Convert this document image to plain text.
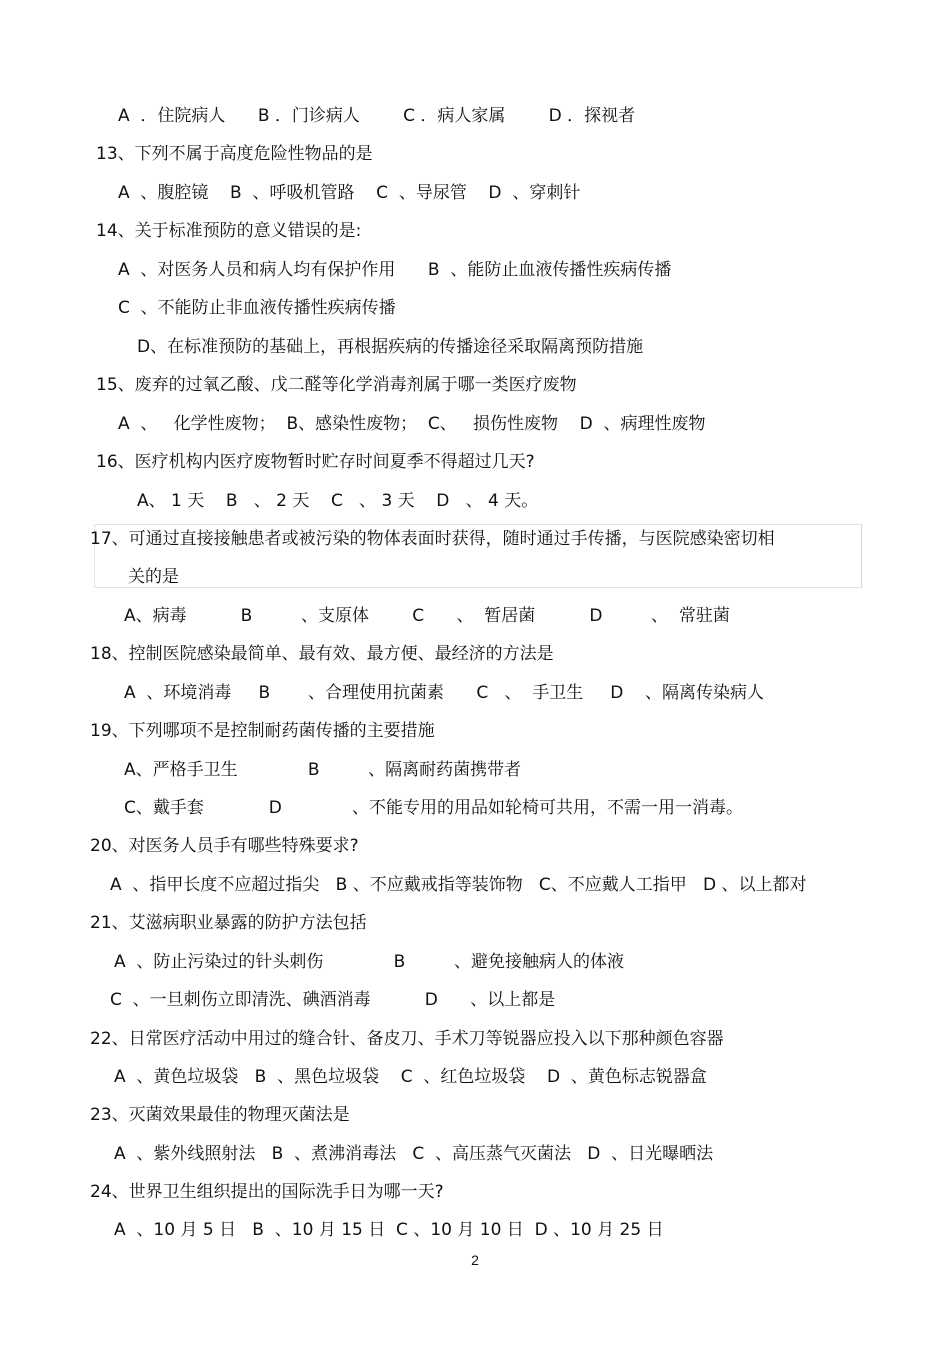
A  ．住院病人      B ．门诊病人        C ．病人家属        D ．探视者
13、下列不属于高度危险性物品的是
A  、腹腔镜    B  、呼吸机管路    C  、导尿管    D  、穿刺针
14、关于标准预防的意义错误的是:
A  、对医务人员和病人均有保护作用      B  、能防止血液传播性疾病传播
C  、不能防止非血液传播性疾病传播
D、在标准预防的基础上，再根据疾病的传播途径采取隔离预防措施
15、废弃的过氧乙酸、戊二醛等化学消毒剂属于哪一类医疗废物
A  、   化学性废物；  B、感染性废物；  C、   损伤性废物    D  、病理性废物
16、医疗机构内医疗废物暂时贮存时间夏季不得超过几天?
A、 1 天    B   、 2 天    C   、 3 天    D   、 4 天。
17、可通过直接接触患者或被污染的物体表面时获得，随时通过手传播，与医院感染密切相
关的是
A、病毒          B         、支原体        C      、  暂居菌          D         、  常驻菌
18、控制医院感染最简单、最有效、最方便、最经济的方法是
A  、环境消毒     B       、合理使用抗菌素      C   、  手卫生     D    、隔离传染病人
19、下列哪项不是控制耐药菌传播的主要措施
A、严格手卫生             B         、隔离耐药菌携带者
C、戴手套            D             、不能专用的用品如轮椅可共用，不需一用一消毒。
20、对医务人员手有哪些特殊要求?
A  、指甲长度不应超过指尖   B 、不应戴戒指等装饰物   C、不应戴人工指甲   D 、以上都对
21、艾滋病职业暴露的防护方法包括
A  、防止污染过的针头刺伤             B         、避免接触病人的体液
C  、一旦刺伤立即清洗、碘酒消毒          D      、以上都是
22、日常医疗活动中用过的缝合针、备皮刀、手术刀等锐器应投入以下那种颜色容器
A  、黄色垃圾袋   B  、黑色垃圾袋    C  、红色垃圾袋    D  、黄色标志锐器盒
23、灭菌效果最佳的物理灭菌法是
A  、紫外线照射法   B  、煮沸消毒法   C  、高压蒸气灭菌法   D  、日光曝晒法
24、世界卫生组织提出的国际洗手日为哪一天?
A  、10 月 5 日   B  、10 月 15 日  C 、10 月 10 日  D 、10 月 25 日
2
